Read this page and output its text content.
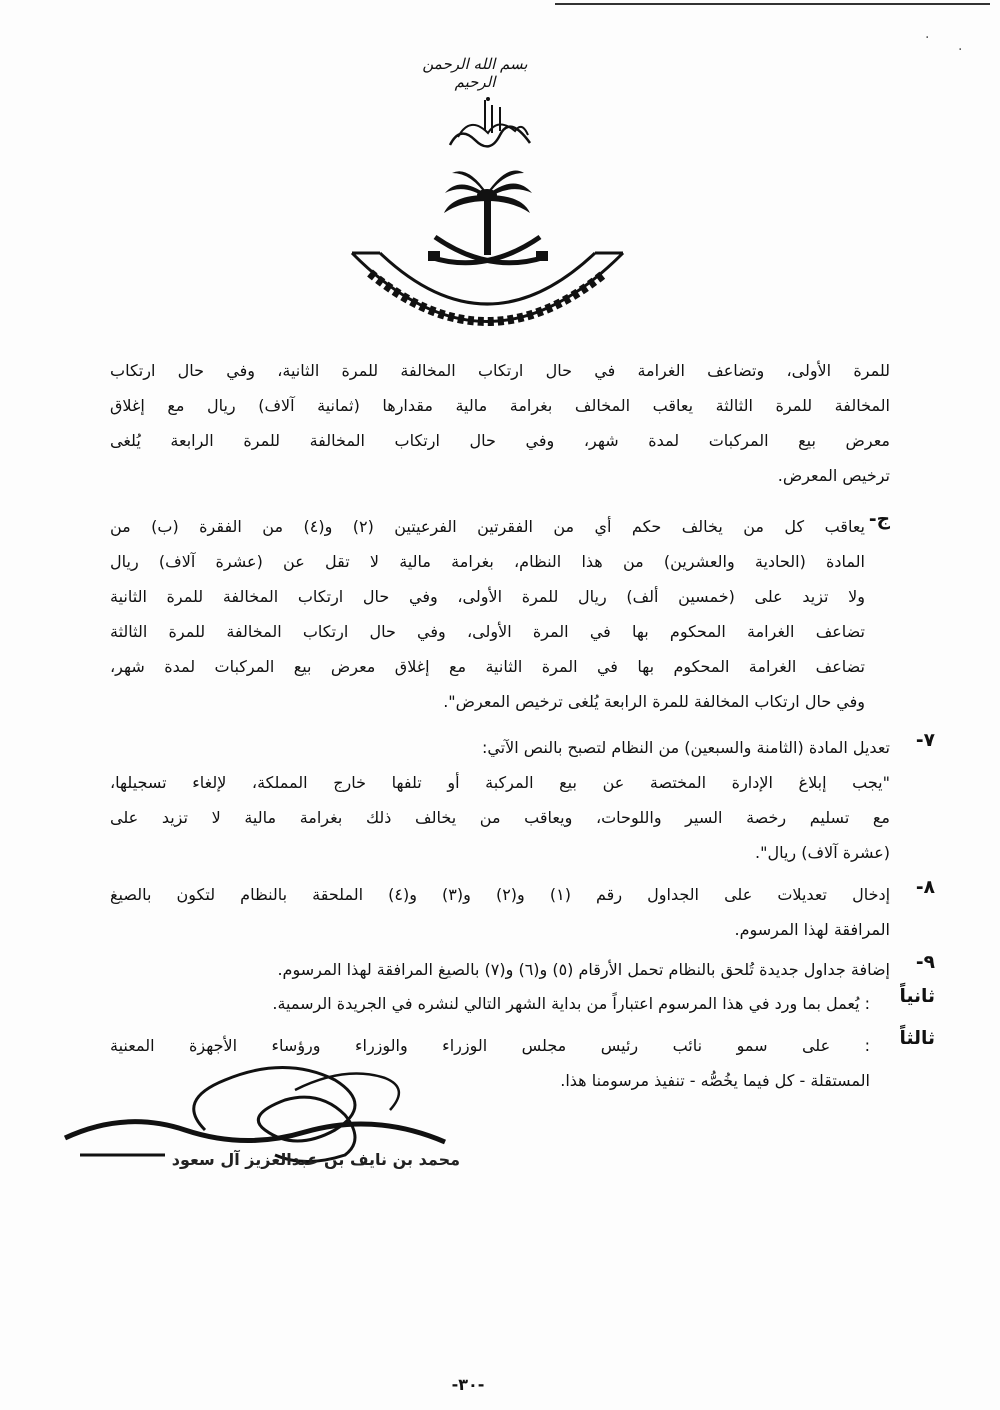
·
·
بسم الله الرحمن الرحيم
للمرة الأولى، وتضاعف الغرامة في حال ارتكاب المخالفة للمرة الثانية، وفي حال ارتكاب
المخالفة للمرة الثالثة يعاقب المخالف بغرامة مالية مقدارها (ثمانية آلاف) ريال مع إغلاق
معرض بيع المركبات لمدة شهر، وفي حال ارتكاب المخالفة للمرة الرابعة يُلغى
ترخيص المعرض.
ج-
يعاقب كل من يخالف حكم أي من الفقرتين الفرعيتين (٢) و(٤) من الفقرة (ب) من
المادة (الحادية والعشرين) من هذا النظام، بغرامة مالية لا تقل عن (عشرة آلاف) ريال
ولا تزيد على (خمسين ألف) ريال للمرة الأولى، وفي حال ارتكاب المخالفة للمرة الثانية
تضاعف الغرامة المحكوم بها في المرة الأولى، وفي حال ارتكاب المخالفة للمرة الثالثة
تضاعف الغرامة المحكوم بها في المرة الثانية مع إغلاق معرض بيع المركبات لمدة شهر،
وفي حال ارتكاب المخالفة للمرة الرابعة يُلغى ترخيص المعرض".
٧-
تعديل المادة (الثامنة والسبعين) من النظام لتصبح بالنص الآتي:
"يجب إبلاغ الإدارة المختصة عن بيع المركبة أو تلفها خارج المملكة، لإلغاء تسجيلها،
مع تسليم رخصة السير واللوحات، ويعاقب من يخالف ذلك بغرامة مالية لا تزيد على
(عشرة آلاف) ريال".
٨-
إدخال تعديلات على الجداول رقم (١) و(٢) و(٣) و(٤) الملحقة بالنظام لتكون بالصيغ
المرافقة لهذا المرسوم.
٩-
إضافة جداول جديدة تُلحق بالنظام تحمل الأرقام (٥) و(٦) و(٧) بالصيغ المرافقة لهذا المرسوم.
ثانياً
: يُعمل بما ورد في هذا المرسوم اعتباراً من بداية الشهر التالي لنشره في الجريدة الرسمية.
ثالثاً
: على سمو نائب رئيس مجلس الوزراء والوزراء ورؤساء الأجهزة المعنية
المستقلة - كل فيما يخُصُّه - تنفيذ مرسومنا هذا.
محمد بن نايف بن عبدالعزيز آل سعود
-٣٠-
